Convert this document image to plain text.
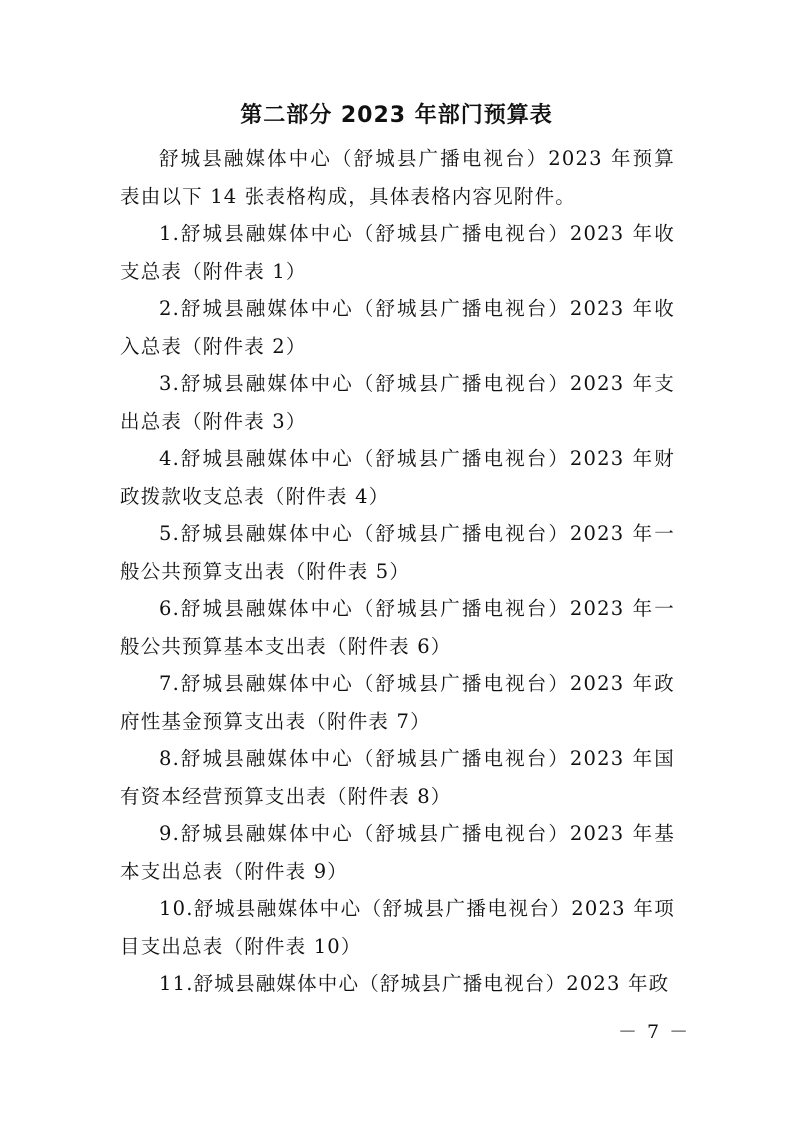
第二部分 2023 年部门预算表

舒城县融媒体中心（舒城县广播电视台）2023 年预算表由以下 14 张表格构成，具体表格内容见附件。

1.舒城县融媒体中心（舒城县广播电视台）2023 年收支总表（附件表 1）

2.舒城县融媒体中心（舒城县广播电视台）2023 年收入总表（附件表 2）

3.舒城县融媒体中心（舒城县广播电视台）2023 年支出总表（附件表 3）

4.舒城县融媒体中心（舒城县广播电视台）2023 年财政拨款收支总表（附件表 4）

5.舒城县融媒体中心（舒城县广播电视台）2023 年一般公共预算支出表（附件表 5）

6.舒城县融媒体中心（舒城县广播电视台）2023 年一般公共预算基本支出表（附件表 6）

7.舒城县融媒体中心（舒城县广播电视台）2023 年政府性基金预算支出表（附件表 7）

8.舒城县融媒体中心（舒城县广播电视台）2023 年国有资本经营预算支出表（附件表 8）

9.舒城县融媒体中心（舒城县广播电视台）2023 年基本支出总表（附件表 9）

10.舒城县融媒体中心（舒城县广播电视台）2023 年项目支出总表（附件表 10）

11.舒城县融媒体中心（舒城县广播电视台）2023 年政

－ 7 －
